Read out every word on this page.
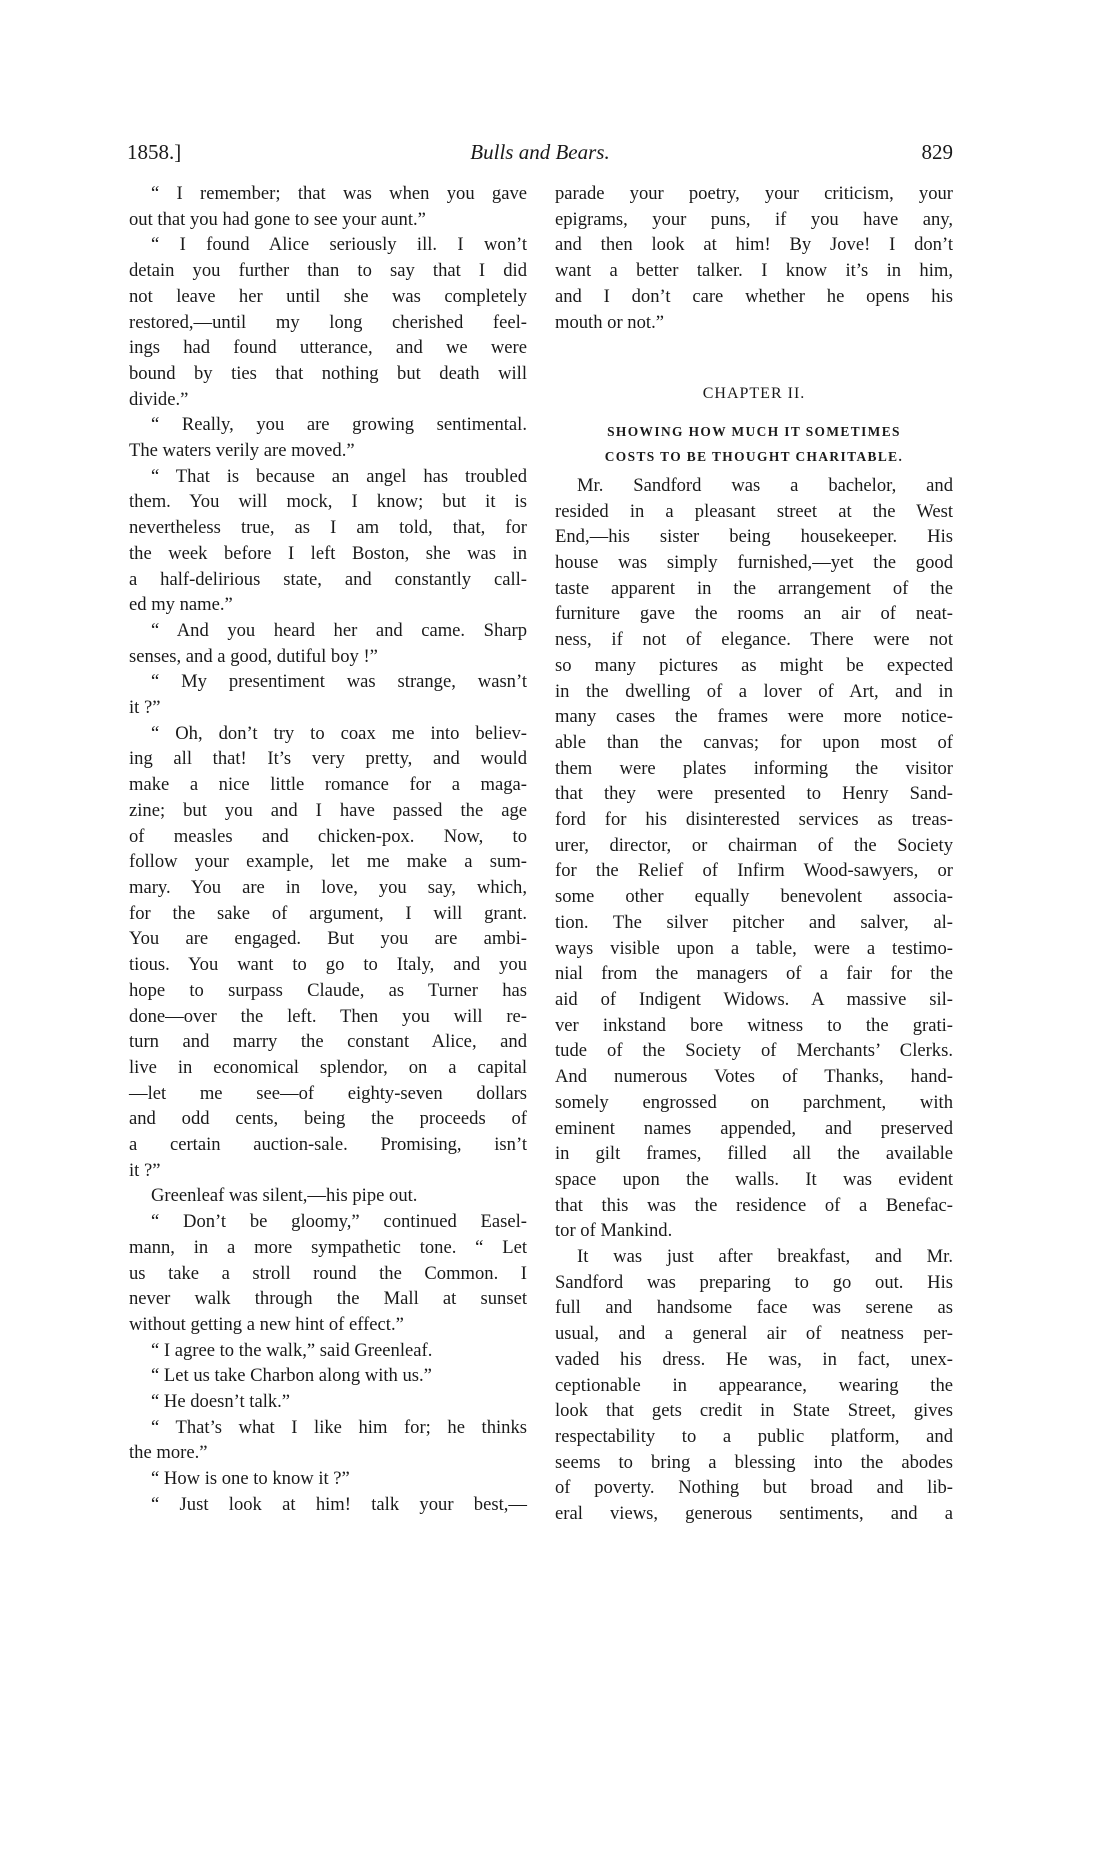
1858.]	Bulls and Bears.	829
“ I remember; that was when you gave
out that you had gone to see your aunt.”
“ I found Alice seriously ill. I won’t
detain you further than to say that I did
not leave her until she was completely
restored,—until my long cherished feel-
ings had found utterance, and we were
bound by ties that nothing but death will
divide.”
“ Really, you are growing sentimental.
The waters verily are moved.”
“ That is because an angel has troubled
them. You will mock, I know; but it is
nevertheless true, as I am told, that, for
the week before I left Boston, she was in
a half-delirious state, and constantly call-
ed my name.”
“ And you heard her and came. Sharp
senses, and a good, dutiful boy !”
“ My presentiment was strange, wasn’t
it ?”
“ Oh, don’t try to coax me into believ-
ing all that! It’s very pretty, and would
make a nice little romance for a maga-
zine; but you and I have passed the age
of measles and chicken-pox. Now, to
follow your example, let me make a sum-
mary. You are in love, you say, which,
for the sake of argument, I will grant.
You are engaged. But you are ambi-
tious. You want to go to Italy, and you
hope to surpass Claude, as Turner has
done—over the left. Then you will re-
turn and marry the constant Alice, and
live in economical splendor, on a capital
—let me see—of eighty-seven dollars
and odd cents, being the proceeds of
a certain auction-sale. Promising, isn’t
it ?”
Greenleaf was silent,—his pipe out.
“ Don’t be gloomy,” continued Easel-
mann, in a more sympathetic tone. “ Let
us take a stroll round the Common. I
never walk through the Mall at sunset
without getting a new hint of effect.”
“ I agree to the walk,” said Greenleaf.
“ Let us take Charbon along with us.”
“ He doesn’t talk.”
“ That’s what I like him for; he thinks
the more.”
“ How is one to know it ?”
“ Just look at him! talk your best,—
parade your poetry, your criticism, your
epigrams, your puns, if you have any,
and then look at him! By Jove! I don’t
want a better talker. I know it’s in him,
and I don’t care whether he opens his
mouth or not.”

CHAPTER II.

SHOWING HOW MUCH IT SOMETIMES
COSTS TO BE THOUGHT CHARITABLE.

Mr. Sandford was a bachelor, and
resided in a pleasant street at the West
End,—his sister being housekeeper. His
house was simply furnished,—yet the good
taste apparent in the arrangement of the
furniture gave the rooms an air of neat-
ness, if not of elegance. There were not
so many pictures as might be expected
in the dwelling of a lover of Art, and in
many cases the frames were more notice-
able than the canvas; for upon most of
them were plates informing the visitor
that they were presented to Henry Sand-
ford for his disinterested services as treas-
urer, director, or chairman of the Society
for the Relief of Infirm Wood-sawyers, or
some other equally benevolent associa-
tion. The silver pitcher and salver, al-
ways visible upon a table, were a testimo-
nial from the managers of a fair for the
aid of Indigent Widows. A massive sil-
ver inkstand bore witness to the grati-
tude of the Society of Merchants’ Clerks.
And numerous Votes of Thanks, hand-
somely engrossed on parchment, with
eminent names appended, and preserved
in gilt frames, filled all the available
space upon the walls. It was evident
that this was the residence of a Benefac-
tor of Mankind.
It was just after breakfast, and Mr.
Sandford was preparing to go out. His
full and handsome face was serene as
usual, and a general air of neatness per-
vaded his dress. He was, in fact, unex-
ceptionable in appearance, wearing the
look that gets credit in State Street, gives
respectability to a public platform, and
seems to bring a blessing into the abodes
of poverty. Nothing but broad and lib-
eral views, generous sentiments, and a
